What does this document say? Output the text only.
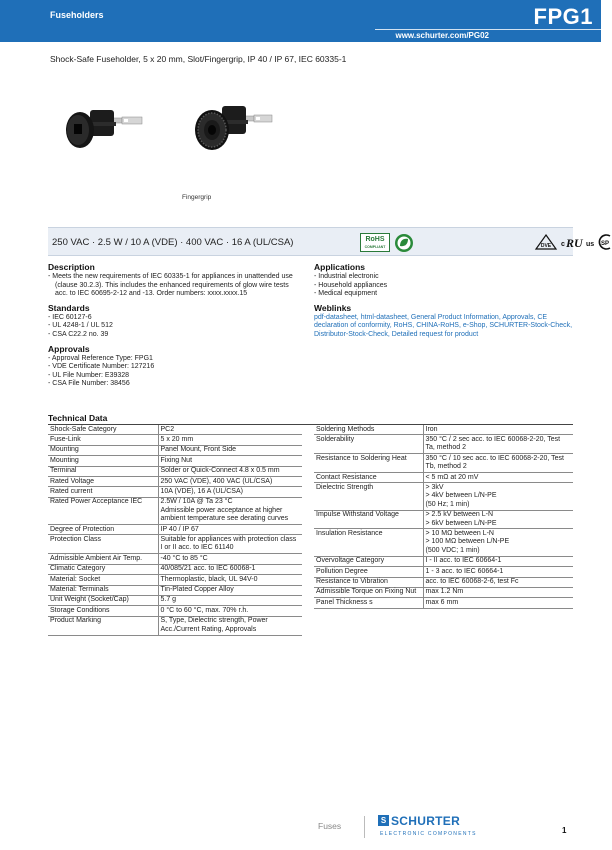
Fuseholders	FPG1
www.schurter.com/PG02
Shock-Safe Fuseholder, 5 x 20 mm, Slot/Fingergrip, IP 40 / IP 67, IEC 60335-1
Fingergrip
250 VAC · 2.5 W / 10 A (VDE) · 400 VAC · 16 A (UL/CSA)	RoHS
COMPLIANT	DVE c RU us SP
Description
- Meets the new requirements of IEC 60335-1 for appliances in unattended use (clause 30.2.3). This includes the enhanced requirements of glow wire tests acc. to IEC 60695-2-12 and -13. Order numbers: xxxx.xxxx.15
Standards
- IEC 60127-6
- UL 4248-1 / UL 512
- CSA C22.2 no. 39
Approvals
- Approval Reference Type: FPG1
- VDE Certificate Number: 127216
- UL File Number: E39328
- CSA File Number: 38456
Applications
- Industrial electronic
- Household appliances
- Medical equipment
Weblinks
pdf-datasheet, html-datasheet, General Product Information, Approvals, CE declaration of conformity, RoHS, CHINA-RoHS, e-Shop, SCHURTER-Stock-Check, Distributor-Stock-Check, Detailed request for product
Technical Data
Shock-Safe Category	PC2

Fuse-Link	5 x 20 mm

Mounting	Panel Mount, Front Side

Mounting	Fixing Nut

Terminal	Solder or Quick-Connect 4.8 x 0.5 mm

Rated Voltage	250 VAC (VDE), 400 VAC (UL/CSA)

Rated current	10A (VDE), 16 A (UL/CSA)

Rated Power Acceptance IEC	2.5W / 10A @ Ta 23 °C
Admissible power acceptance at higher ambient temperature see derating curves

Degree of Protection	IP 40 / IP 67

Protection Class	Suitable for appliances with protection class I or II acc. to IEC 61140

Admissible Ambient Air Temp.	-40 °C to 85 °C

Climatic Category	40/085/21 acc. to IEC 60068-1

Material: Socket	Thermoplastic, black, UL 94V-0

Material: Terminals	Tin-Plated Copper Alloy

Unit Weight (Socket/Cap)	5.7 g

Storage Conditions	0 °C to 60 °C, max. 70% r.h.

Product Marking	S, Type, Dielectric strength, Power Acc./Current Rating, Approvals
Soldering Methods	Iron

Solderability	350 °C / 2 sec acc. to IEC 60068-2-20, Test Ta, method 2

Resistance to Soldering Heat	350 °C / 10 sec acc. to IEC 60068-2-20, Test Tb, method 2

Contact Resistance	< 5 mΩ at 20 mV

Dielectric Strength	> 3kV
> 4kV between L/N-PE
(50 Hz; 1 min)

Impulse Withstand Voltage	> 2.5 kV between L-N
> 6kV between L/N-PE

Insulation Resistance	> 10 MΩ between L-N
> 100 MΩ between L/N-PE
(500 VDC; 1 min)

Overvoltage Category	I - II acc. to IEC 60664-1

Pollution Degree	1 - 3 acc. to IEC 60664-1

Resistance to Vibration	acc. to IEC 60068-2-6, test Fc

Admissible Torque on Fixing Nut	max 1.2 Nm

Panel Thickness s	max 6 mm
Fuses
S SCHURTER
ELECTRONIC COMPONENTS	1
